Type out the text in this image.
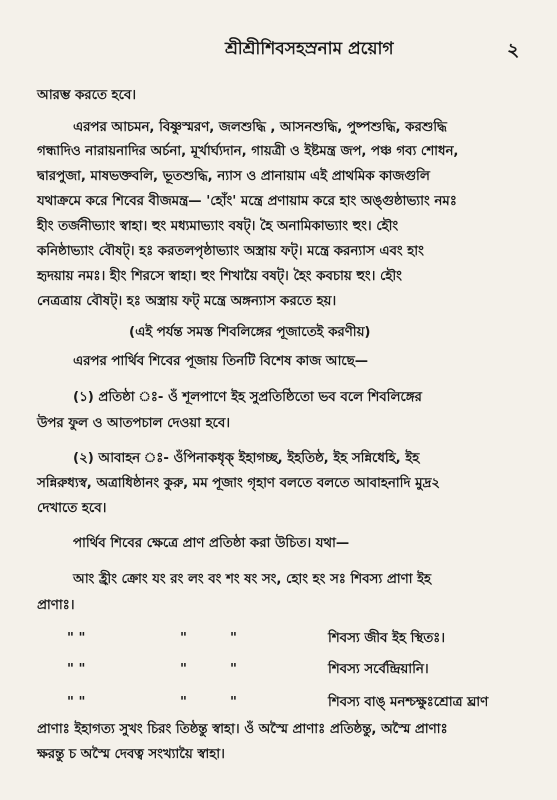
শ্রীশ্রীশিবসহস্রনাম প্রয়োগ	২
আরম্ভ করতে হবে।
এরপর আচমন, বিষ্ণুস্মরণ, জলশুদ্ধি , আসনশুদ্ধি, পুষ্পশুদ্ধি, করশুদ্ধি
গন্ধাদিও নারায়নাদির অর্চনা, মূর্খার্ঘ্যদান, গায়ত্রী ও ইষ্টমন্ত্র জপ, পঞ্চ গব্য শোধন,
দ্বারপুজা, মাষভক্তবলি, ভূতশুদ্ধি, ন্যাস ও প্রানায়াম এই প্রাথমিক কাজগুলি
যথাক্রমে করে শিবের বীজমন্ত্র— 'হোঁং' মন্ত্রে প্রণায়াম করে হাং অঙ্গুষ্ঠাভ্যাং নমঃ
হীং তর্জনীভ্যাং স্বাহা। হুং মধ্যমাভ্যাং বষট্। হৈ অনামিকাভ্যাং হুং। হৌং
কনিষ্ঠাভ্যাং বৌষট্। হঃ করতলপৃষ্ঠাভ্যাং অস্ত্রায় ফট্। মন্ত্রে করন্যাস এবং হাং
হৃদয়ায় নমঃ। হীং শিরসে স্বাহা। হুং শিখায়ৈ বষট্। হৈং কবচায় হুং। হৌং
নেত্রত্রায় বৌষট্। হঃ অস্ত্রায় ফট্ মন্ত্রে অঙ্গন্যাস করতে হয়।
(এই পর্যন্ত সমস্ত শিবলিঙ্গের পূজাতেই করণীয়)
এরপর পার্থিব শিবের পূজায় তিনটি বিশেষ কাজ আছে—
(১) প্রতিষ্ঠা ঃ- ওঁ শূলপাণে ইহ সুপ্রতিষ্ঠিতো ভব বলে শিবলিঙ্গের
উপর ফুল ও আতপচাল দেওয়া হবে।
(২) আবাহন ঃ- ওঁপিনাকধৃক্ ইহাগচ্ছ, ইহতিষ্ঠ, ইহ সন্নিধেহি, ইহ
সন্নিরুধ্যস্ব, অত্রাধিষ্ঠানং কুরু, মম পূজাং গৃহাণ বলতে বলতে আবাহনাদি মুদ্র২
দেখাতে হবে।
পার্থিব শিবের ক্ষেত্রে প্রাণ প্রতিষ্ঠা করা উচিত। যথা—
আং হ্রীং ক্রোং যং রং লং বং শং ষং সং, হোং হং সঃ শিবস্য প্রাণা ইহ
প্রাণাঃ।
" "	"	"	শিবস্য জীব ইহ স্থিতঃ।
" "	"	"	শিবস্য সর্বেন্দ্রিয়ানি।
" "	"	"	শিবস্য বাঙ্ মনশ্চক্ষুঃশ্রোত্র ঘ্রাণ
প্রাণাঃ ইহাগত্য সুখং চিরং তিষ্ঠন্তু স্বাহা। ওঁ অস্মৈ প্রাণাঃ প্রতিষ্ঠন্তু, অস্মৈ প্রাণাঃ
ক্ষরন্তু চ অস্মৈ দেবত্ব সংখ্যায়ৈ স্বাহা।
